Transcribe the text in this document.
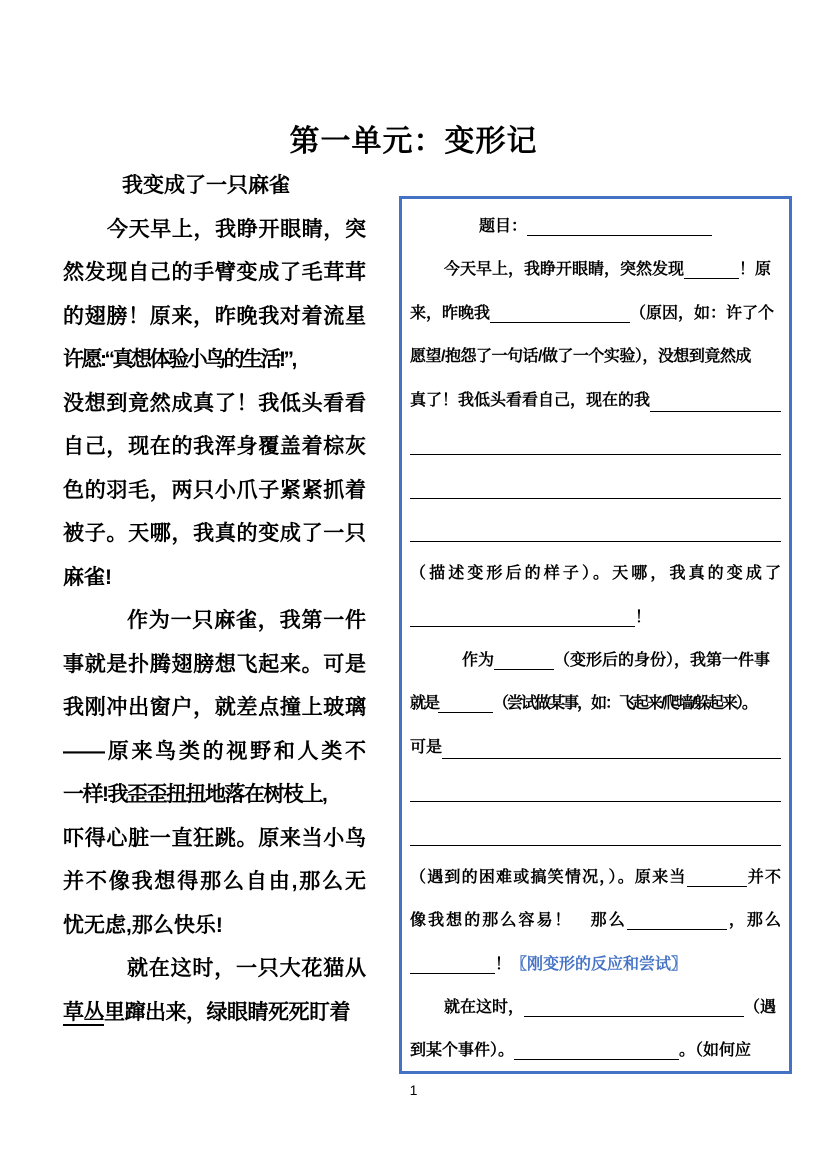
第一单元：变形记
我变成了一只麻雀
今天早上，我睁开眼睛，突
然发现自己的手臂变成了毛茸茸
的翅膀！原来，昨晚我对着流星
许愿:“真想体验小鸟的生活!”,
没想到竟然成真了！我低头看看
自己，现在的我浑身覆盖着棕灰
色的羽毛，两只小爪子紧紧抓着
被子。天哪，我真的变成了一只
麻雀!
作为一只麻雀，我第一件
事就是扑腾翅膀想飞起来。可是
我刚冲出窗户，就差点撞上玻璃
——原来鸟类的视野和人类不
一样!我歪歪扭扭地落在树枝上,
吓得心脏一直狂跳。原来当小鸟
并不像我想得那么自由,那么无
忧无虑,那么快乐!
就在这时，一只大花猫从
草丛里蹿出来，绿眼睛死死盯着
题目：
今天早上，我睁开眼睛，突然发现	！原
来，昨晚我	（原因，如：许了个
愿望/抱怨了一句话/做了一个实验），没想到竟然成
真了！我低头看看自己，现在的我
（描述变形后的样子）。天哪，我真的变成了
！
作为	（变形后的身份），我第一件事
就是	（尝试做某事，如：飞起来/爬墙/躲起来）。
可是
（遇到的困难或搞笑情况，）。原来当	并不
像我想的那么容易！　那么	，那么
！〖刚变形的反应和尝试〗
就在这时，	（遇
到某个事件）。	。（如何应
1
